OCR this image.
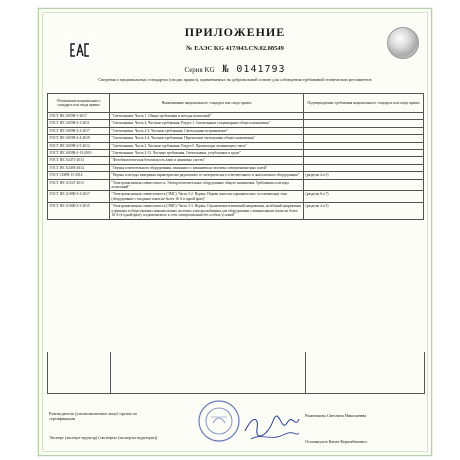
ПРИЛОЖЕНИЕ
№ ЕАЭС KG 417/043.CN.02.08549
Серия KG № 0141793
Сведения о национальных стандартах (сводах правил), применяемых на добровольной основе для соблюдения требований технических регламентов
Обозначение национального стандарта или свода правил	Наименование национального стандарта или свода правил	Подтверждаемые требования национального стандарта или свода правил
ГОСТ IEC 60598-1-2017	"Светильники. Часть 1. Общие требования и методы испытаний"	
ГОСТ IEC 60598-2-1-2011	"Светильники. Часть 2. Частные требования. Раздел 1. Светильники стационарные общего назначения"	
ГОСТ IEC 60598-2-2-2017	"Светильники. Часть 2-2. Частные требования. Светильники встраиваемые"	
ГОСТ IEC 60598-2-4-2019	"Светильники. Часть 2-4. Частные требования. Переносные светильники общего назначения"	
ГОСТ IEC 60598-2-5-2012	"Светильники. Часть 2. Частные требования. Раздел 5. Прожекторы заливающего света"	
ГОСТ IEC 60598-2-13-2019	"Светильники. Часть 2-13. Частные требования. Светильники, углубленные в грунт"	
ГОСТ IEC 62471-2013	"Фотобиологическая безопасность ламп и ламповых систем"	
ГОСТ IEC 62493-2014	"Оценка осветительного оборудования, связанного с влиянием на человека электромагнитных полей"	
ГОСТ CISPR 15-2014	"Нормы и методы измерения характеристик радиопомех от электрического осветительного и аналогичного оборудования"	(разделы 4 и 5)
ГОСТ IEC 61547-2013	"Электромагнитная совместимость. Электроосветительное оборудование общего назначения. Требования и методы испытаний"	
ГОСТ IEC 61000-3-2-2017	"Электромагнитная совместимость (ЭМС). Часть 3-2. Нормы. Нормы эмиссии гармонических составляющих тока (оборудование с входным током не более 16 А в одной фазе)"	(разделы 6 и 7)
ГОСТ IEC 61000-3-3-2015	"Электромагнитная совместимость (ЭМС). Часть 3-3. Нормы. Ограничение изменений напряжения, колебаний напряжения и фликера в общественных низковольтных системах электроснабжения для оборудования с номинальным током не более 16 А (в одной фазе), подключаемого к сети электропитания без особых условий"	(разделы 4 и 5)
Руководитель (уполномоченное лицо) органа по сертификации
Эксперт (эксперт-аудитор) (эксперты (эксперты-аудиторы))
Рыжникова Светлана Николаевна
Осмонкулов Канат Керимбекович
